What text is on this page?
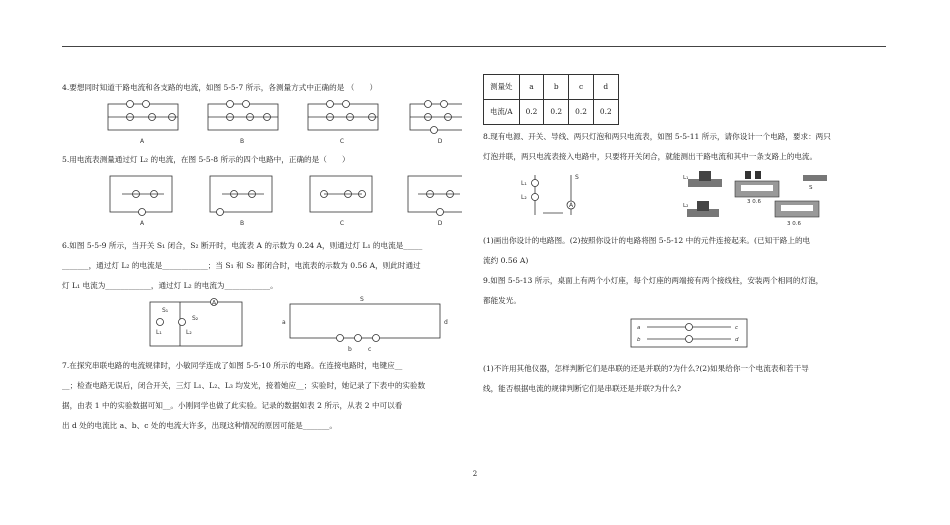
4.要想同时知道干路电流和各支路的电流，如图 5-5-7 所示，各测量方式中正确的是 （　　）

A	B	C	D

5.用电流表测量通过灯 L₂ 的电流，在图 5-5-8 所示的四个电路中，正确的是（　　）

A	B	C	D

6.如图 5-5-9 所示，当开关 S₁ 闭合，S₂ 断开时，电流表 A 的示数为 0.24 A，则通过灯 L₁ 的电流是_____

_______，通过灯 L₂ 的电流是____________；当 S₁ 和 S₂ 都闭合时，电流表的示数为 0.56 A，则此时通过

灯 L₁ 电流为____________，通过灯 L₂ 的电流为____________。

L₁	L₂
S₂
S₁
A	S
a
b	c
d

7.在探究串联电路的电流规律时，小敏同学连成了如图 5-5-10 所示的电路。在连接电路时，电键应__

__；检查电路无误后，闭合开关，三灯 L₁、L₂、L₃ 均发光，接着她应__；实验时，她记录了下表中的实验数

据，由表 1 中的实验数据可知__。小刚同学也做了此实验。记录的数据如表 2 所示，从表 2 中可以看

出 d 处的电流比 a、b、c 处的电流大许多，出现这种情况的原因可能是_______。

测量处	a	b	c	d
电流/A	0.2	0.2	0.2	0.2

8.现有电源、开关、导线、两只灯泡和两只电流表，如图 5-5-11 所示，请你设计一个电路，要求：两只

灯泡并联，两只电流表接入电路中，只要将开关闭合，就能测出干路电流和其中一条支路上的电流。

L₁
L₂
S
A
L₁
L₂
S
3 0.6
3 0.6

(1)画出你设计的电路图。(2)按照你设计的电路将图 5-5-12 中的元件连接起来。(已知干路上的电

流约 0.56 A)

9.如图 5-5-13 所示，桌面上有两个小灯座，每个灯座的两端接有两个接线柱，安装两个相同的灯泡，

都能发光。

a
b
c
d

(1)不许用其他仪器，怎样判断它们是串联的还是并联的?为什么?(2)如果给你一个电流表和若干导

线，能否根据电流的规律判断它们是串联还是并联?为什么?

2
